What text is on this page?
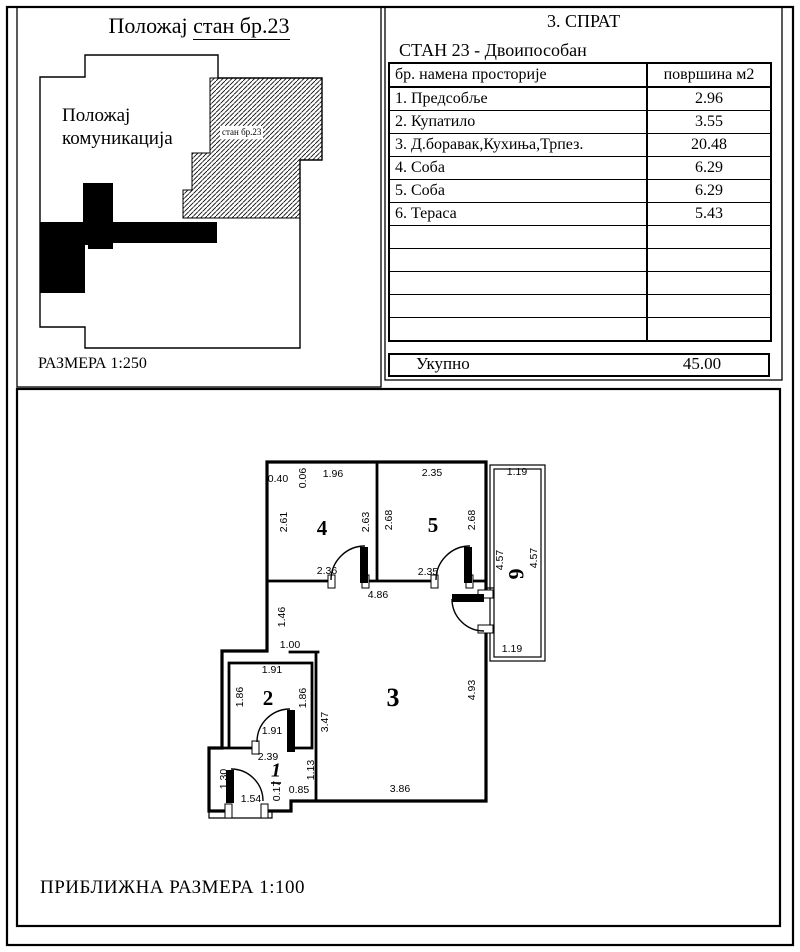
0.40 0.06 1.96	2.35	1.19
2.61	2.63 2.68	2.68
4.57 4.57
2.36	2.35
4.86
1.46
1.00	1.19
1.91
1.86	1.86	4.93
1.91	3.47
2.39
1.13
1.30
0.17 0.85
1.54
3.86
1
2	3
4	5
6
Положај стан бр.23
Положај
комуникација	стан бр.23
РАЗМЕРА 1:250
3. СПРАТ
СТАН 23 - Двоипособан
бр. намена просторије	површина м2
1. Предсобље	2.96
2. Купатило	3.55
3. Д.боравак,Кухиња,Трпез.	20.48
4. Соба	6.29
5. Соба	6.29
6. Тераса	5.43

Укупно	45.00
ПРИБЛИЖНА РАЗМЕРА 1:100
